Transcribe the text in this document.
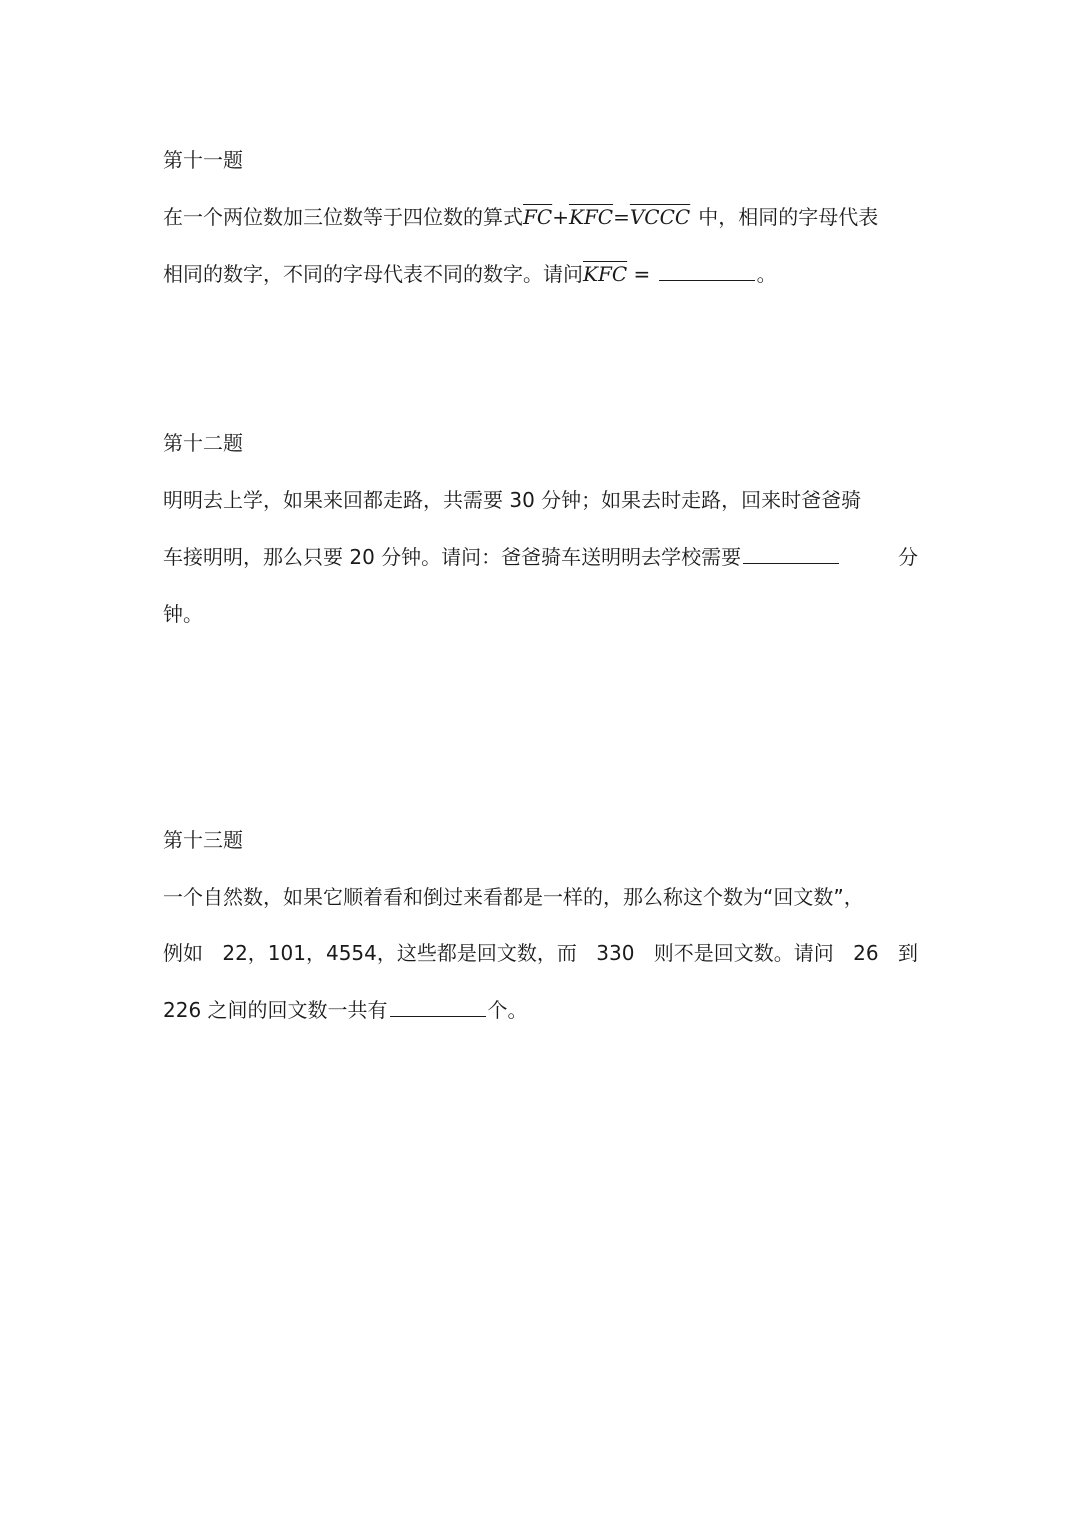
第十一题
在一个两位数加三位数等于四位数的算式$\overline{FC}+\overline{KFC}=VCCC$ 中，相同的字母代表
相同的数字，不同的字母代表不同的数字。请问$\overline{KFC}$ =	。
第十二题
明明去上学，如果来回都走路，共需要 30 分钟；如果去时走路，回来时爸爸骑
车接明明，那么只要 20 分钟。请问：爸爸骑车送明明去学校需要	分
钟。
第十三题
一个自然数，如果它顺着看和倒过来看都是一样的，那么称这个数为“回文数”，
例如 22，101，4554，这些都是回文数，而 330 则不是回文数。请问 26 到
226 之间的回文数一共有	个。
